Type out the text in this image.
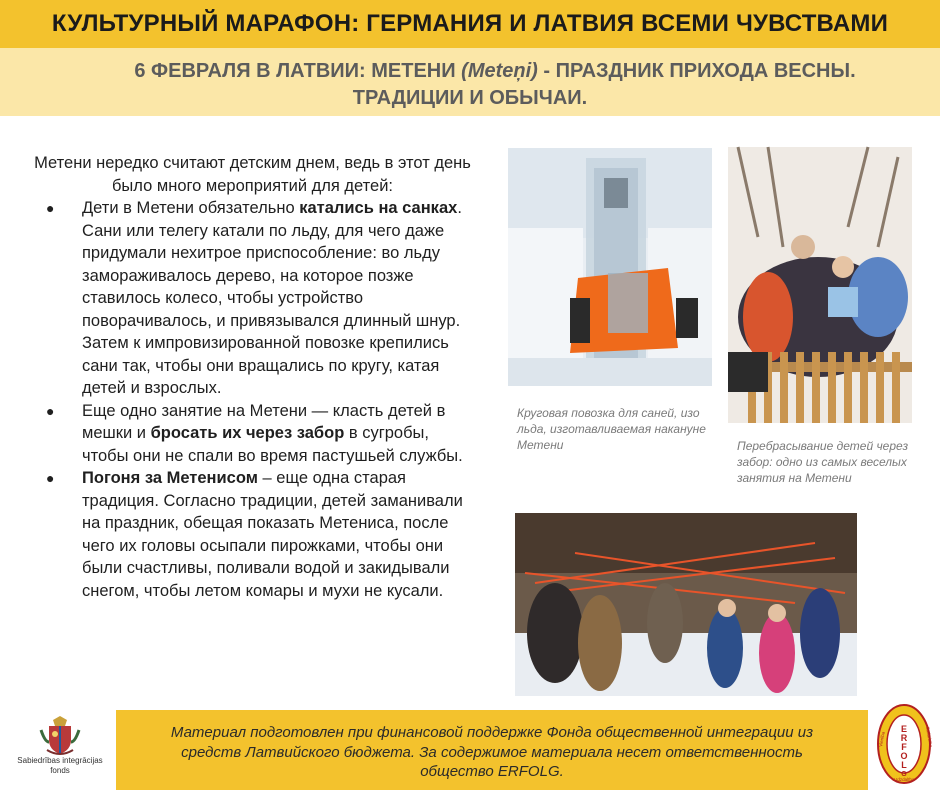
КУЛЬТУРНЫЙ МАРАФОН: ГЕРМАНИЯ И ЛАТВИЯ ВСЕМИ ЧУВСТВАМИ
6 ФЕВРАЛЯ В ЛАТВИИ: МЕТЕНИ (Meteņi) - ПРАЗДНИК ПРИХОДА ВЕСНЫ.
ТРАДИЦИИ И ОБЫЧАИ.

Метени нередко считают детским днем, ведь в этот день было много мероприятий для детей:

● Дети в Метени обязательно катались на санках. Сани или телегу катали по льду, для чего даже придумали нехитрое приспособление: во льду замораживалось дерево, на которое позже ставилось колесо, чтобы устройство поворачивалось, и привязывался длинный шнур. Затем к импровизированной повозке крепились сани так, чтобы они вращались по кругу, катая детей и взрослых.
● Еще одно занятие на Метени — класть детей в мешки и бросать их через забор в сугробы, чтобы они не спали во время пастушьей службы.
● Погоня за Метенисом – еще одна старая традиция. Согласно традиции, детей заманивали на праздник, обещая показать Метениса, после чего их головы осыпали пирожками, чтобы они были счастливы, поливали водой и закидывали снегом, чтобы летом комары и мухи не кусали.
Круговая повозка для саней, изо льда, изготавливаемая накануне Метени	Перебрасывание детей через забор: одно из самых веселых занятия на Метени
Sabiedrības integrācijas
fonds
Материал подготовлен при финансовой поддержке Фонда общественной интеграции из
средств Латвийского бюджета. За содержимое материала несет ответственность
общество ERFOLG.
E
R
F
O
L
G
Vienība	Sadarbība
Līdzdalība
